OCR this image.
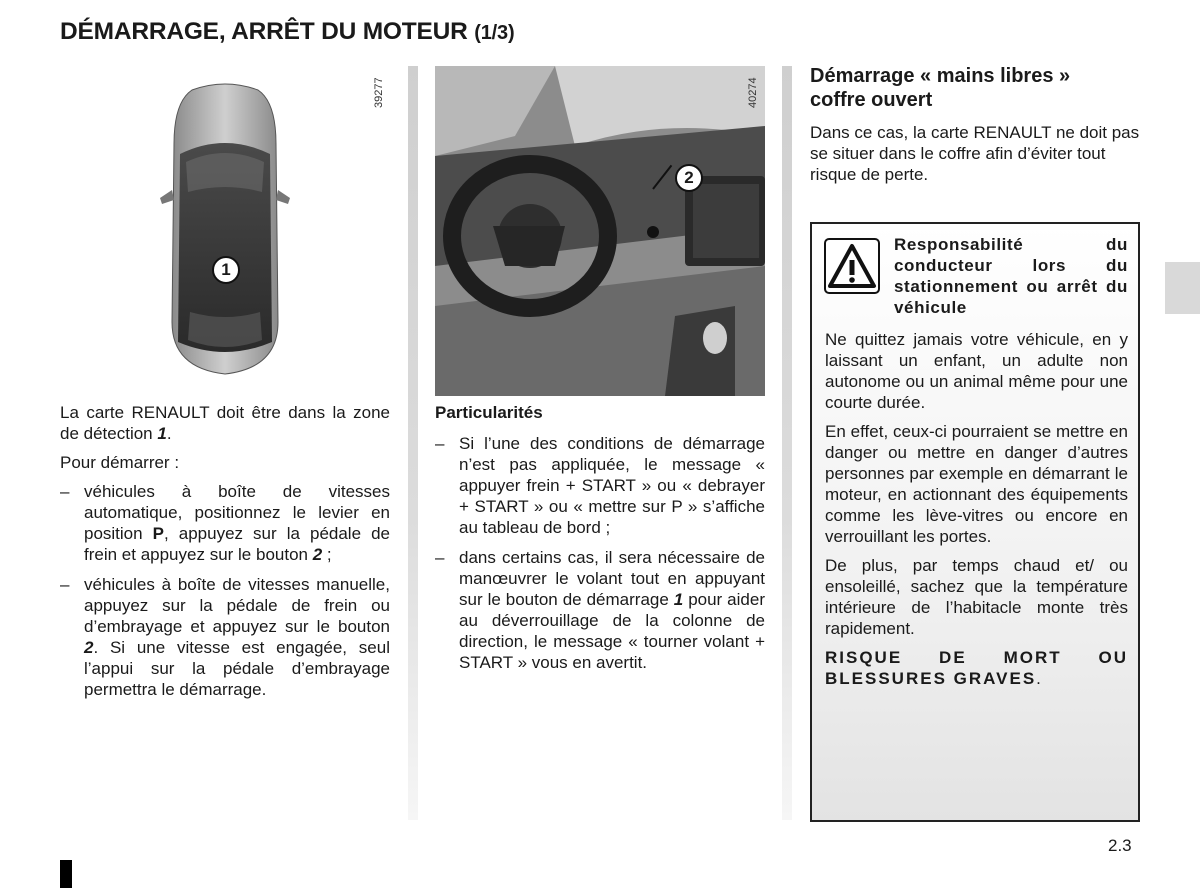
DÉMARRAGE, ARRÊT DU MOTEUR (1/3)
1
39277
2
40274

La carte RENAULT doit être dans la zone de détection 1.

Pour démarrer :

– véhicules à boîte de vitesses automatique, positionnez le levier en position P, appuyez sur la pédale de frein et appuyez sur le bouton 2 ;
– véhicules à boîte de vitesses manuelle, appuyez sur la pédale de frein ou d’embrayage et appuyez sur le bouton 2. Si une vitesse est engagée, seul l’appui sur la pédale d’embrayage permettra le démarrage.

Particularités

– Si l’une des conditions de démarrage n’est pas appliquée, le message « appuyer frein + START » ou « debrayer + START » ou « mettre sur P » s’affiche au tableau de bord ;
– dans certains cas, il sera nécessaire de manœuvrer le volant tout en appuyant sur le bouton de démarrage 1 pour aider au déverrouillage de la colonne de direction, le message « tourner volant + START » vous en avertit.
Démarrage « mains libres » coffre ouvert
Dans ce cas, la carte RENAULT ne doit pas se situer dans le coffre afin d’éviter tout risque de perte.
Responsabilité du conducteur lors du stationnement ou arrêt du véhicule

Ne quittez jamais votre véhicule, en y laissant un enfant, un adulte non autonome ou un animal même pour une courte durée.

En effet, ceux-ci pourraient se mettre en danger ou mettre en danger d’autres personnes par exemple en démarrant le moteur, en actionnant des équipements comme les lève-vitres ou encore en verrouillant les portes.

De plus, par temps chaud et/ ou ensoleillé, sachez que la température intérieure de l’habitacle monte très rapidement.

RISQUE DE MORT OU BLESSURES GRAVES.

2.3
